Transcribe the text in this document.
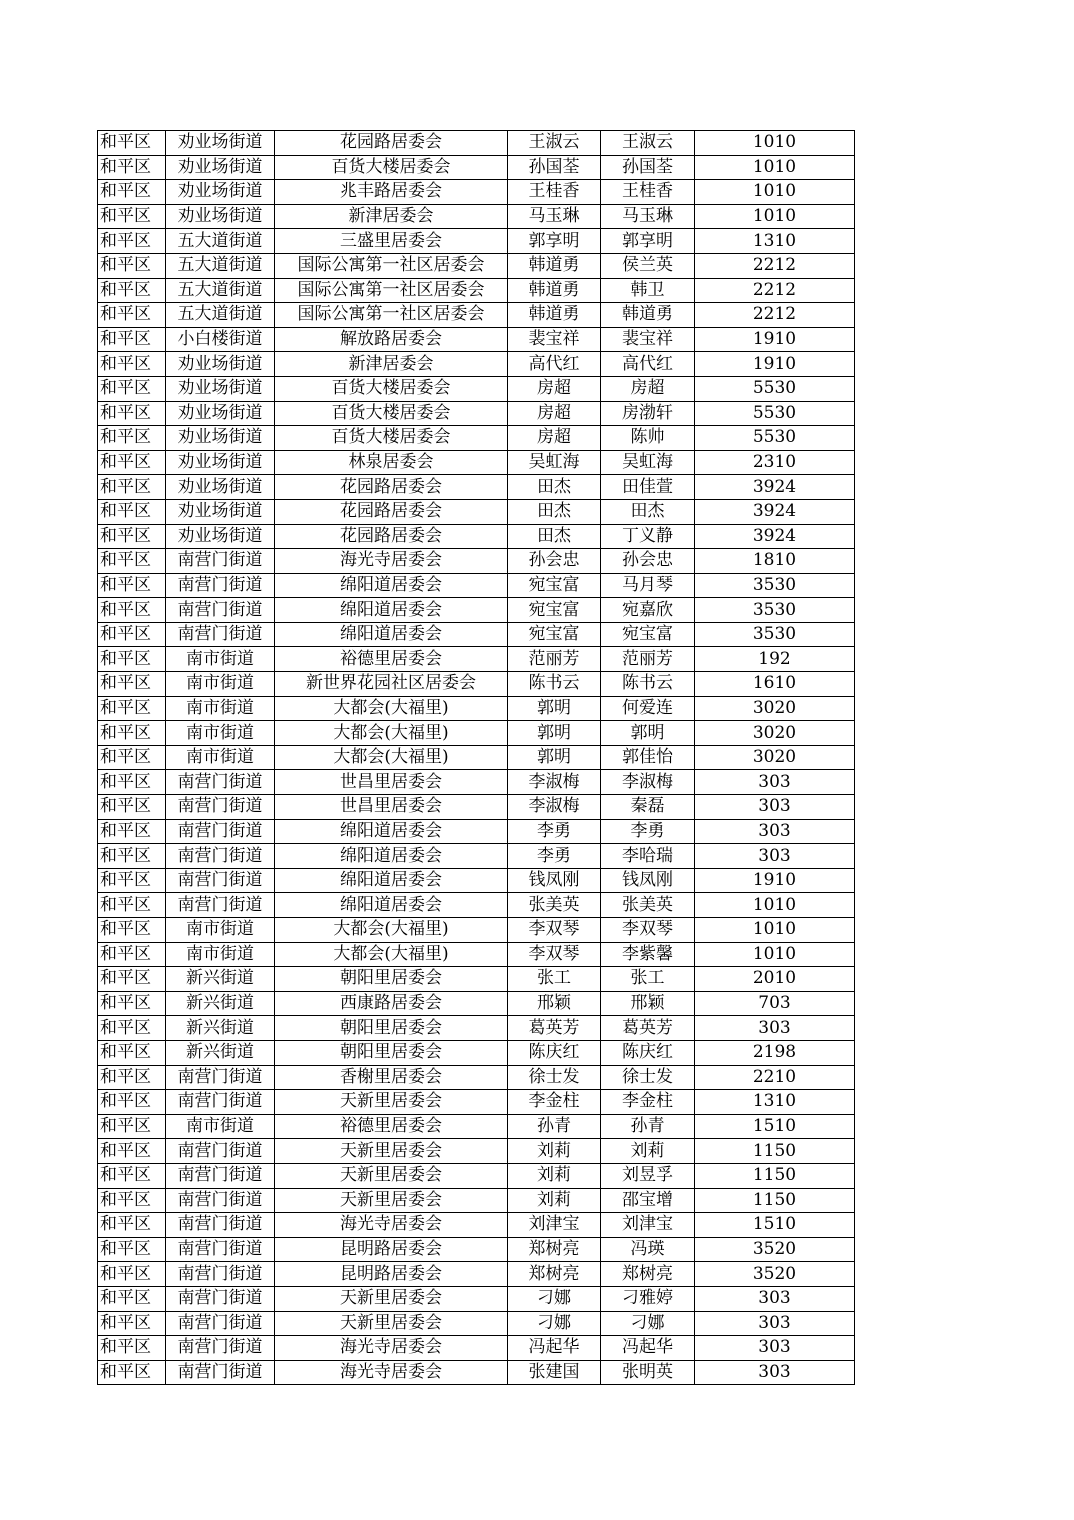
和平区	劝业场街道	花园路居委会	王淑云	王淑云	1010
和平区	劝业场街道	百货大楼居委会	孙国荃	孙国荃	1010
和平区	劝业场街道	兆丰路居委会	王桂香	王桂香	1010
和平区	劝业场街道	新津居委会	马玉琳	马玉琳	1010
和平区	五大道街道	三盛里居委会	郭享明	郭享明	1310
和平区	五大道街道	国际公寓第一社区居委会	韩道勇	侯兰英	2212
和平区	五大道街道	国际公寓第一社区居委会	韩道勇	韩卫	2212
和平区	五大道街道	国际公寓第一社区居委会	韩道勇	韩道勇	2212
和平区	小白楼街道	解放路居委会	裴宝祥	裴宝祥	1910
和平区	劝业场街道	新津居委会	高代红	高代红	1910
和平区	劝业场街道	百货大楼居委会	房超	房超	5530
和平区	劝业场街道	百货大楼居委会	房超	房渤轩	5530
和平区	劝业场街道	百货大楼居委会	房超	陈帅	5530
和平区	劝业场街道	林泉居委会	吴虹海	吴虹海	2310
和平区	劝业场街道	花园路居委会	田杰	田佳萱	3924
和平区	劝业场街道	花园路居委会	田杰	田杰	3924
和平区	劝业场街道	花园路居委会	田杰	丁义静	3924
和平区	南营门街道	海光寺居委会	孙会忠	孙会忠	1810
和平区	南营门街道	绵阳道居委会	宛宝富	马月琴	3530
和平区	南营门街道	绵阳道居委会	宛宝富	宛嘉欣	3530
和平区	南营门街道	绵阳道居委会	宛宝富	宛宝富	3530
和平区	南市街道	裕德里居委会	范丽芳	范丽芳	192
和平区	南市街道	新世界花园社区居委会	陈书云	陈书云	1610
和平区	南市街道	大都会(大福里)	郭明	何爱连	3020
和平区	南市街道	大都会(大福里)	郭明	郭明	3020
和平区	南市街道	大都会(大福里)	郭明	郭佳怡	3020
和平区	南营门街道	世昌里居委会	李淑梅	李淑梅	303
和平区	南营门街道	世昌里居委会	李淑梅	秦磊	303
和平区	南营门街道	绵阳道居委会	李勇	李勇	303
和平区	南营门街道	绵阳道居委会	李勇	李哈瑞	303
和平区	南营门街道	绵阳道居委会	钱凤刚	钱凤刚	1910
和平区	南营门街道	绵阳道居委会	张美英	张美英	1010
和平区	南市街道	大都会(大福里)	李双琴	李双琴	1010
和平区	南市街道	大都会(大福里)	李双琴	李紫馨	1010
和平区	新兴街道	朝阳里居委会	张工	张工	2010
和平区	新兴街道	西康路居委会	邢颖	邢颖	703
和平区	新兴街道	朝阳里居委会	葛英芳	葛英芳	303
和平区	新兴街道	朝阳里居委会	陈庆红	陈庆红	2198
和平区	南营门街道	香榭里居委会	徐士发	徐士发	2210
和平区	南营门街道	天新里居委会	李金柱	李金柱	1310
和平区	南市街道	裕德里居委会	孙青	孙青	1510
和平区	南营门街道	天新里居委会	刘莉	刘莉	1150
和平区	南营门街道	天新里居委会	刘莉	刘昱孚	1150
和平区	南营门街道	天新里居委会	刘莉	邵宝增	1150
和平区	南营门街道	海光寺居委会	刘津宝	刘津宝	1510
和平区	南营门街道	昆明路居委会	郑树亮	冯瑛	3520
和平区	南营门街道	昆明路居委会	郑树亮	郑树亮	3520
和平区	南营门街道	天新里居委会	刁娜	刁雅婷	303
和平区	南营门街道	天新里居委会	刁娜	刁娜	303
和平区	南营门街道	海光寺居委会	冯起华	冯起华	303
和平区	南营门街道	海光寺居委会	张建国	张明英	303
